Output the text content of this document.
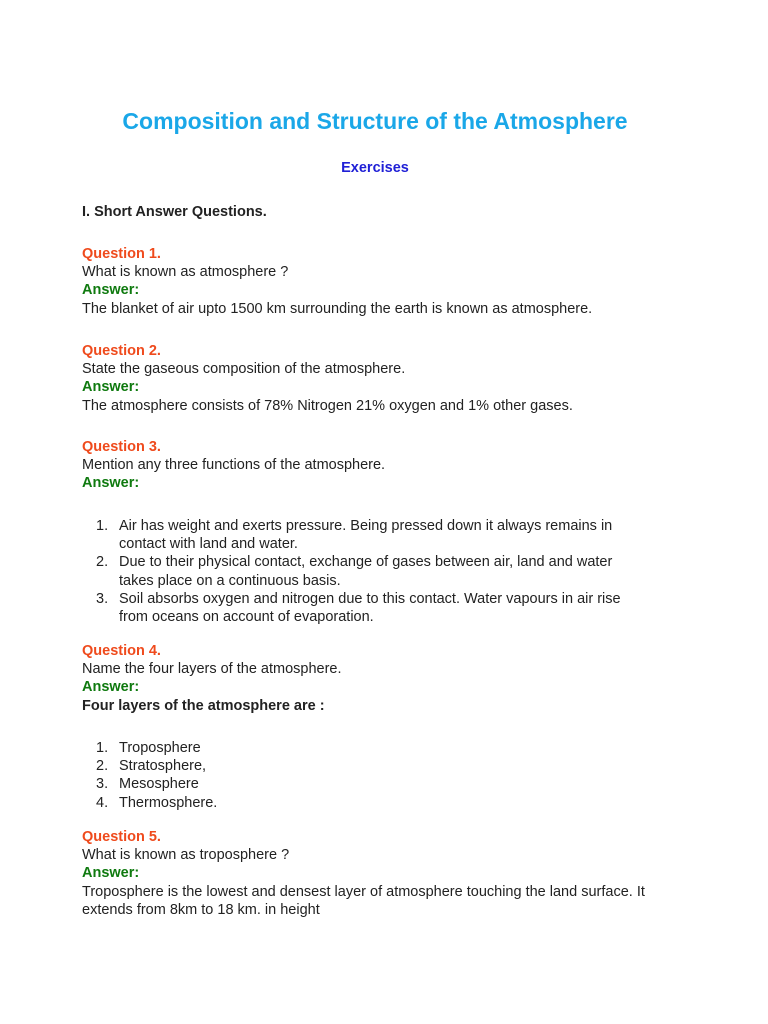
Composition and Structure of the Atmosphere
Exercises
I. Short Answer Questions.

Question 1.

What is known as atmosphere ?

Answer:

The blanket of air upto 1500 km surrounding the earth is known as atmosphere.

Question 2.

State the gaseous composition of the atmosphere.

Answer:

The atmosphere consists of 78% Nitrogen 21% oxygen and 1% other gases.

Question 3.

Mention any three functions of the atmosphere.

Answer:

1. Air has weight and exerts pressure. Being pressed down it always remains in
contact with land and water.
2. Due to their physical contact, exchange of gases between air, land and water
takes place on a continuous basis.
3. Soil absorbs oxygen and nitrogen due to this contact. Water vapours in air rise
from oceans on account of evaporation.

Question 4.

Name the four layers of the atmosphere.

Answer:

Four layers of the atmosphere are :

1. Troposphere
2. Stratosphere,
3. Mesosphere
4. Thermosphere.

Question 5.

What is known as troposphere ?

Answer:

Troposphere is the lowest and densest layer of atmosphere touching the land surface. It

extends from 8km to 18 km. in height
